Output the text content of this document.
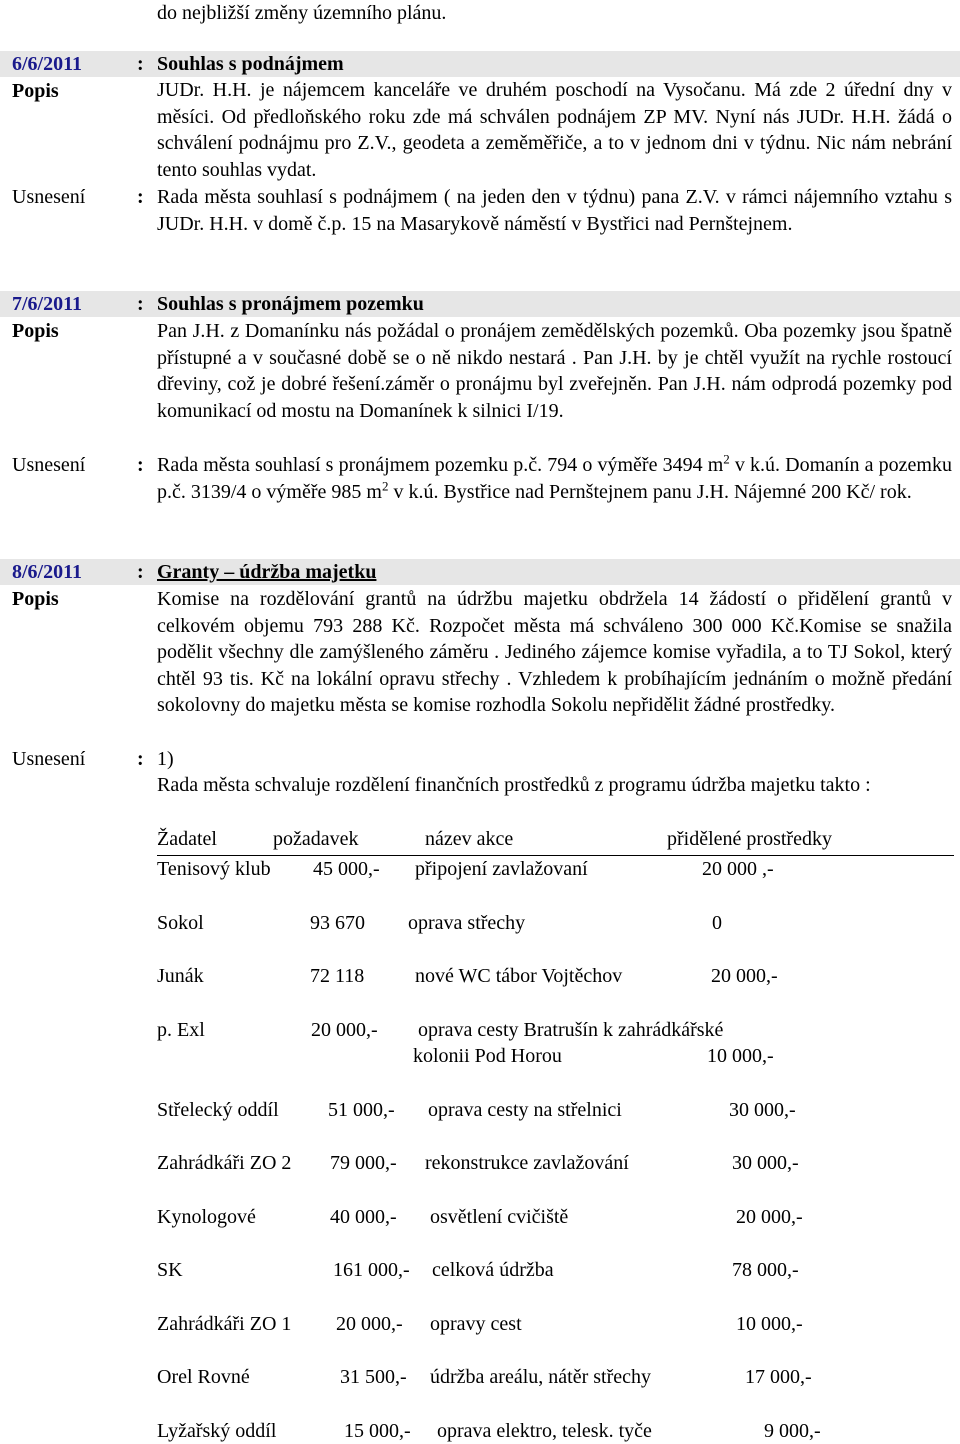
do nejbližší změny územního plánu.
6/6/2011	: Souhlas s podnájmem
Popis	JUDr. H.H. je nájemcem kanceláře ve druhém poschodí na Vysočanu. Má zde 2 úřední dny v měsíci. Od předloňského roku zde má schválen podnájem ZP MV. Nyní nás JUDr. H.H. žádá o schválení podnájmu pro Z.V., geodeta a zeměměřiče, a to v jednom dni v týdnu. Nic nám nebrání tento souhlas vydat.
Usnesení	: Rada města souhlasí s podnájmem ( na jeden den v týdnu) pana Z.V. v rámci nájemního vztahu s JUDr. H.H. v domě č.p. 15 na Masarykově náměstí v Bystřici nad Pernštejnem.
7/6/2011	: Souhlas s pronájmem pozemku
Popis	Pan J.H. z Domanínku nás požádal o pronájem zemědělských pozemků. Oba pozemky jsou špatně přístupné a v současné době se o ně nikdo nestará . Pan J.H. by je chtěl využít na rychle rostoucí dřeviny, což je dobré řešení.záměr o pronájmu byl zveřejněn. Pan J.H. nám odprodá pozemky pod komunikací od mostu na Domanínek k silnici I/19.
Usnesení	: Rada města souhlasí s pronájmem pozemku p.č. 794 o výměře 3494 $m^2$ v k.ú. Domanín a pozemku p.č. 3139/4 o výměře 985 $m^2$ v k.ú. Bystřice nad Pernštejnem panu J.H. Nájemné 200 Kč/ rok.
8/6/2011	: Granty – údržba majetku
Popis	Komise na rozdělování grantů na údržbu majetku obdržela 14 žádostí o přidělení grantů v celkovém objemu 793 288 Kč. Rozpočet města má schváleno 300 000 Kč.Komise se snažila podělit všechny dle zamýšleného záměru . Jediného zájemce komise vyřadila, a to TJ Sokol, který chtěl 93 tis. Kč na lokální opravu střechy . Vzhledem k probíhajícím jednáním o možně předání sokolovny do majetku města se komise rozhodla Sokolu nepřidělit žádné prostředky.
Usnesení	: 1)
Rada města schvaluje rozdělení finančních prostředků z programu údržba majetku takto :
Žadatel	požadavek	název akce	přidělené prostředky
Tenisový klub 45 000,- připojení zavlažovaní	20 000 ,-
Sokol	93 670 oprava střechy	0
Junák	72 118	nové WC tábor Vojtěchov	20 000,-
p. Exl	20 000,- oprava cesty Bratrušín k zahrádkářské
kolonii Pod Horou	10 000,-
Střelecký oddíl 51 000,- oprava cesty na střelnici	30 000,-
Zahrádkáři ZO 2 79 000,- rekonstrukce zavlažování	30 000,-
Kynologové	40 000,- osvětlení cvičiště	20 000,-
SK	161 000,- celková údržba	78 000,-
Zahrádkáři ZO 1 20 000,- opravy cest	10 000,-
Orel Rovné	31 500,- údržba areálu, nátěr střechy	17 000,-
Lyžařský oddíl	15 000,- oprava elektro, telesk. tyče	9 000,-
